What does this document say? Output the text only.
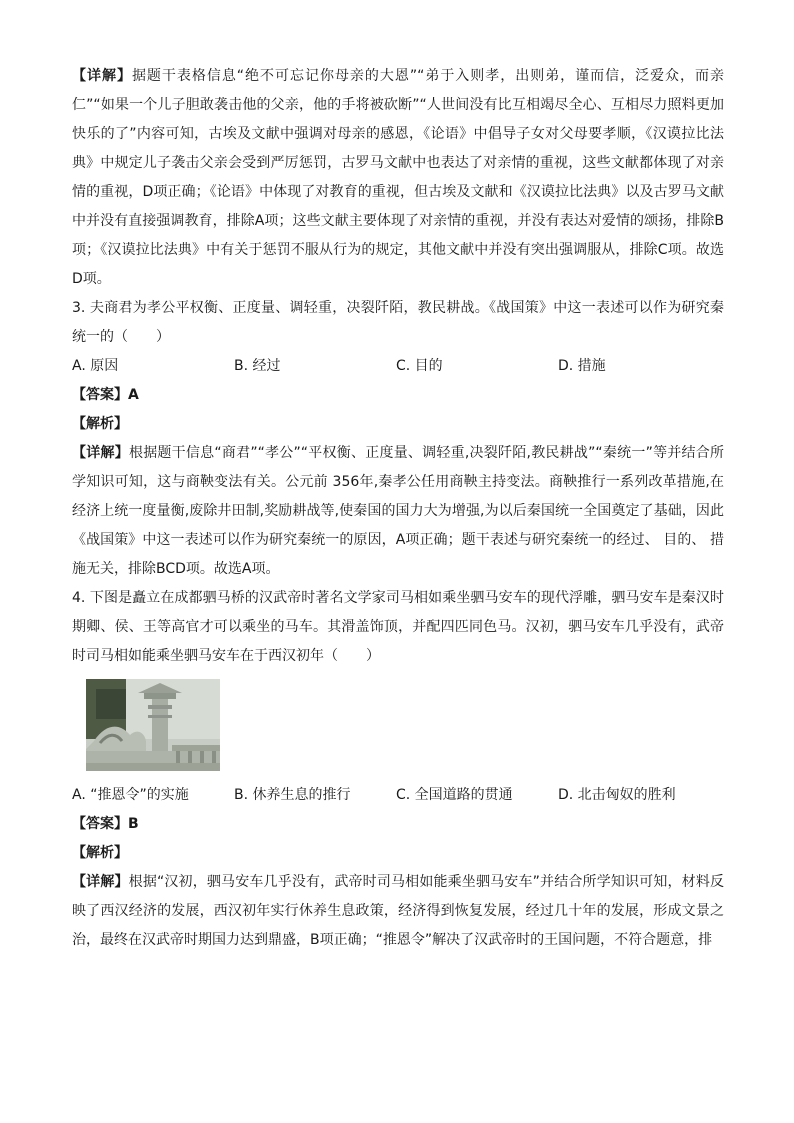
【详解】据题干表格信息“绝不可忘记你母亲的大恩”“弟于入则孝，出则弟，谨而信，泛爱众，而亲仁”“如果一个儿子胆敢袭击他的父亲，他的手将被砍断”“人世间没有比互相竭尽全心、互相尽力照料更加快乐的了”内容可知，古埃及文献中强调对母亲的感恩，《论语》中倡导子女对父母要孝顺，《汉谟拉比法典》中规定儿子袭击父亲会受到严厉惩罚，古罗马文献中也表达了对亲情的重视，这些文献都体现了对亲情的重视，D项正确；《论语》中体现了对教育的重视，但古埃及文献和《汉谟拉比法典》以及古罗马文献中并没有直接强调教育，排除A项；这些文献主要体现了对亲情的重视，并没有表达对爱情的颂扬，排除B项；《汉谟拉比法典》中有关于惩罚不服从行为的规定，其他文献中并没有突出强调服从，排除C项。故选D项。

3. 夫商君为孝公平权衡、正度量、调轻重，决裂阡陌，教民耕战。《战国策》中这一表述可以作为研究秦统一的（　　）

A. 原因	B. 经过	C. 目的	D. 措施

【答案】A

【解析】

【详解】根据题干信息“商君”“孝公”“平权衡、正度量、调轻重,决裂阡陌,教民耕战”“秦统一”等并结合所学知识可知，这与商鞅变法有关。公元前 356年,秦孝公任用商鞅主持变法。商鞅推行一系列改革措施,在经济上统一度量衡,废除井田制,奖励耕战等,使秦国的国力大为增强,为以后秦国统一全国奠定了基础，因此《战国策》中这一表述可以作为研究秦统一的原因，A项正确；题干表述与研究秦统一的经过、 目的、 措施无关，排除BCD项。故选A项。

4. 下图是矗立在成都驷马桥的汉武帝时著名文学家司马相如乘坐驷马安车的现代浮雕，驷马安车是秦汉时期卿、侯、王等高官才可以乘坐的马车。其滑盖饰顶，并配四匹同色马。汉初，驷马安车几乎没有，武帝时司马相如能乘坐驷马安车在于西汉初年（　　）

A. “推恩令”的实施	B. 休养生息的推行	C. 全国道路的贯通	D. 北击匈奴的胜利

【答案】B

【解析】

【详解】根据“汉初，驷马安车几乎没有，武帝时司马相如能乘坐驷马安车”并结合所学知识可知，材料反映了西汉经济的发展，西汉初年实行休养生息政策，经济得到恢复发展，经过几十年的发展，形成文景之治，最终在汉武帝时期国力达到鼎盛，B项正确；“推恩令”解决了汉武帝时的王国问题，不符合题意，排
